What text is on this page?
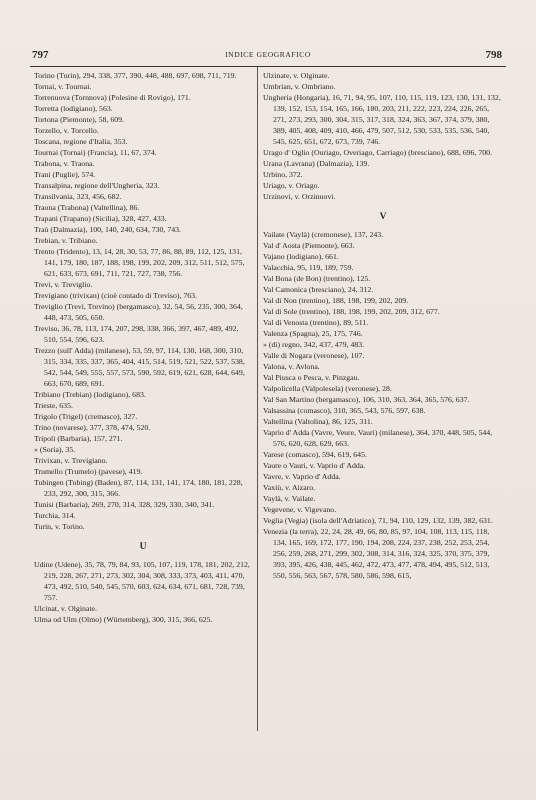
797	INDICE GEOGRAFICO	798
Torino (Turin), 294, 338, 377, 390, 448, 488, 697, 698, 711, 719.
Tornai, v. Tournai.
Torrenuova (Tornnova) (Polesine di Rovigo), 171.
Torretta (lodigiano), 563.
Tortona (Piemonte), 58, 609.
Torzello, v. Torcello.
Toscana, regione d'Italia, 353.
Tournai (Tornai) (Francia), 11, 67, 374.
Trabona, v. Traona.
Trani (Puglie), 574.
Transalpina, regione dell'Ungheria, 323.
Transilvania, 323, 456, 682.
Traona (Trabona) (Valtellina), 86.
Trapani (Trapano) (Sicilia), 328, 427, 433.
Traù (Dalmazia), 100, 140, 240, 634, 730, 743.
Trebian, v. Tribiano.
Trento (Tridento), 13, 14, 28, 30, 53, 77, 86, 88, 89, 112, 125, 131, 141, 179, 180, 187, 188, 198, 199, 202, 209, 312, 511, 512, 575, 621, 633, 673, 691, 711, 721, 727, 738, 756.
Trevi, v. Treviglio.
Trevigiano (trivixan) (cioè contado di Treviso), 763.
Treviglio (Trevi, Trevino) (bergamasco), 32, 54, 56, 235, 300, 364, 448, 473, 505, 650.
Treviso, 36, 78, 113, 174, 207, 298, 338, 366, 397, 467, 489, 492, 510, 554, 596, 623.
Trezzo (sull' Adda) (milanese), 53, 59, 97, 114, 130, 168, 300, 310, 315, 334, 335, 337, 365, 404, 415, 514, 519, 521, 522, 537, 538, 542, 544, 549, 555, 557, 573, 590, 592, 619, 621, 628, 644, 649, 663, 670, 689, 691.
Tribiano (Trebian) (lodigiano), 683.
Trieste, 635.
Trigolo (Trigel) (cremasco), 327.
Trino (novarese), 377, 378, 474, 520.
Tripoli (Barbaria), 157, 271.
» (Soria), 35.
Trivixan, v. Trevigiano.
Trumello (Trumelo) (pavese), 419.
Tubingen (Tubing) (Baden), 87, 114, 131, 141, 174, 180, 181, 228, 233, 292, 300, 315, 366.
Tunisi (Barbaria), 269, 270, 314, 328, 329, 330, 340, 341.
Turchia, 314.
Turin, v. Torino.
U
Udine (Udene), 35, 78, 79, 84, 93, 105, 107, 119, 178, 181, 202, 212, 219, 228, 267, 271, 273, 302, 304, 308, 333, 373, 403, 411, 470, 473, 492, 510, 540, 545, 570, 603, 624, 634, 671, 681, 728, 739, 757.
Ulcinat, v. Olginate.
Ulma od Ulm (Olmo) (Würtemberg), 300, 315, 366, 625.
Ulzinate, v. Olginate.
Umbrian, v. Ombriano.
Ungheria (Hongaria), 16, 71, 94, 95, 107, 110, 115, 119, 123, 130, 131, 132, 139, 152, 153, 154, 165, 166, 180, 203, 211, 222, 223, 224, 226, 265, 271, 273, 293, 300, 304, 315, 317, 318, 324, 363, 367, 374, 379, 380, 389, 405, 408, 409, 410, 466, 479, 507, 512, 530, 533, 535, 536, 540, 545, 625, 651, 672, 673, 739, 746.
Urago d' Oglio (Ouriago, Overiago, Carriago) (bresciano), 688, 696, 700.
Urana (Lavrana) (Dalmazia), 139.
Urbino, 372.
Uriago, v. Oriago.
Urzinovi, v. Orzinuovi.
V
Vailate (Vaylà) (cremonese), 137, 243.
Val d' Aosta (Piemonte), 663.
Vajano (lodigiano), 661.
Valacchia, 95, 119, 189, 759.
Val Bona (de Bon) (trentino), 125.
Val Camonica (bresciano), 24, 312.
Val di Non (trentino), 188, 198, 199, 202, 209.
Val di Sole (trentino), 188, 198, 199, 202, 209, 312, 677.
Val di Venosta (trentino), 89, 511.
Valenza (Spagna), 25, 175, 746.
» (di) regno, 342, 437, 479, 483.
Valle di Nogara (veronese), 107.
Valona, v. Avlona.
Val Piusca o Pesca, v. Pinzgau.
Valpolicella (Valpolesela) (veronese), 28.
Val San Martino (bergamasco), 106, 310, 363, 364, 365, 576, 637.
Valsassina (comasco), 310, 365, 543, 576, 597, 638.
Valtellina (Valtolina), 86, 125, 311.
Vaprio d' Adda (Vavre, Veure, Vauri) (milanese), 364, 370, 448, 505, 544, 576, 620, 628, 629, 663.
Varese (comasco), 594, 619, 645.
Vaure o Vauri, v. Vaprio d' Adda.
Vavre, v. Vaprio d' Adda.
Vaxiù, v. Aizaro.
Vaylà, v. Vailate.
Vegevene, v. Vigevano.
Veglia (Vegia) (isola dell'Adriatico), 71, 94, 110, 129, 132, 139, 382, 631.
Venezia (la terra), 22, 24, 28, 49, 66, 80, 85, 97, 104, 108, 113, 115, 118, 134, 165, 169, 172, 177, 190, 194, 208, 224, 237, 238, 252, 253, 254, 256, 259, 268, 271, 299, 302, 308, 314, 316, 324, 325, 370, 375, 379, 393, 395, 426, 438, 445, 462, 472, 473, 477, 478, 494, 495, 512, 513, 550, 556, 563, 567, 578, 580, 586, 598, 615,
